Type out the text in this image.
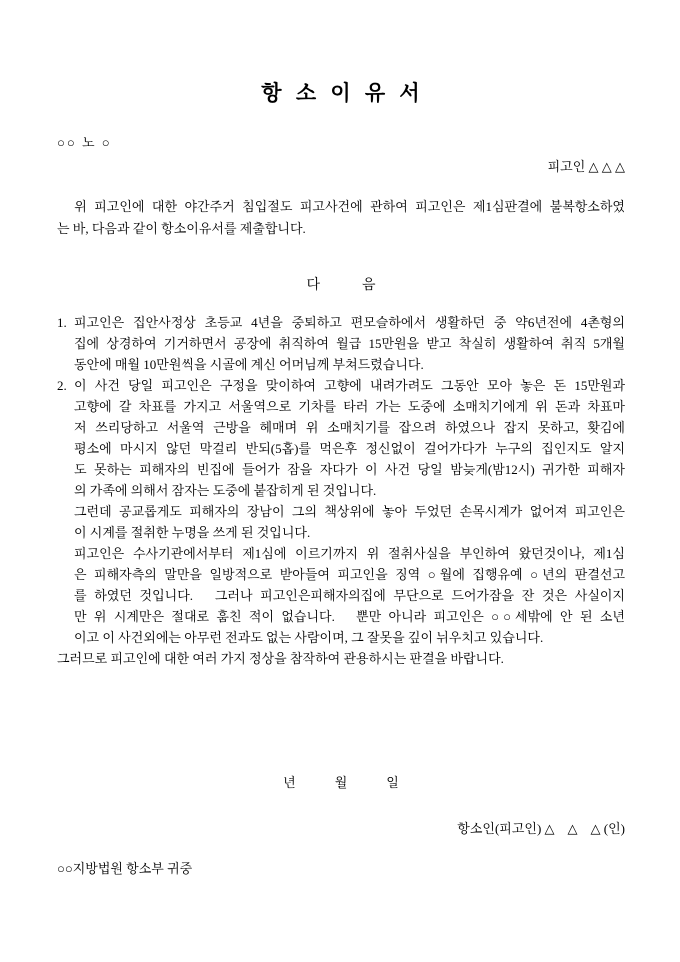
항 소 이 유 서
○○ 노 ○
피고인 △ △ △
　위 피고인에 대한 야간주거 침입절도 피고사건에 관하여 피고인은 제1심판결에 불복항소하였
는 바, 다음과 같이 항소이유서를 제출합니다.
다　　　음
1. 피고인은 집안사정상 초등교 4년을 중퇴하고 편모슬하에서 생활하던 중 약6년전에 4촌형의
집에 상경하여 기거하면서 공장에 취직하여 월급 15만원을 받고 착실히 생활하여 취직 5개월
동안에 매월 10만원씩을 시골에 계신 어머님께 부쳐드렸습니다.
2. 이 사건 당일 피고인은 구정을 맞이하여 고향에 내려가려도 그동안 모아 놓은 돈 15만원과
고향에 갈 차표를 가지고 서울역으로 기차를 타러 가는 도중에 소매치기에게 위 돈과 차표마
저 쓰리당하고 서울역 근방을 헤매며 위 소매치기를 잡으려 하였으나 잡지 못하고, 홧김에
평소에 마시지 않던 막걸리 반되(5홉)를 먹은후 정신없이 걸어가다가 누구의 집인지도 알지
도 못하는 피해자의 빈집에 들어가 잠을 자다가 이 사건 당일 밤늦게(밤12시) 귀가한 피해자
의 가족에 의해서 잠자는 도중에 붙잡히게 된 것입니다.
그런데 공교롭게도 피해자의 장남이 그의 책상위에 놓아 두었던 손목시계가 없어져 피고인은
이 시계를 절취한 누명을 쓰게 된 것입니다.
피고인은 수사기관에서부터 제1심에 이르기까지 위 절취사실을 부인하여 왔던것이나, 제1심
은 피해자측의 말만을 일방적으로 받아들여 피고인을 징역 ○월에 집행유예 ○년의 판결선고
를 하였던 것입니다.　그러나 피고인은피해자의집에 무단으로 드어가잠을 잔 것은 사실이지
만 위 시계만은 절대로 훔친 적이 없습니다.　뿐만 아니라 피고인은 ○○세밖에 안 된 소년
이고 이 사건외에는 아무런 전과도 없는 사람이며, 그 잘못을 깊이 뉘우치고 있습니다.
그러므로 피고인에 대한 여러 가지 정상을 참작하여 관용하시는 판결을 바랍니다.
년　　　월　　　일
항소인(피고인) △　△　△ (인)
○○지방법원 항소부 귀중
